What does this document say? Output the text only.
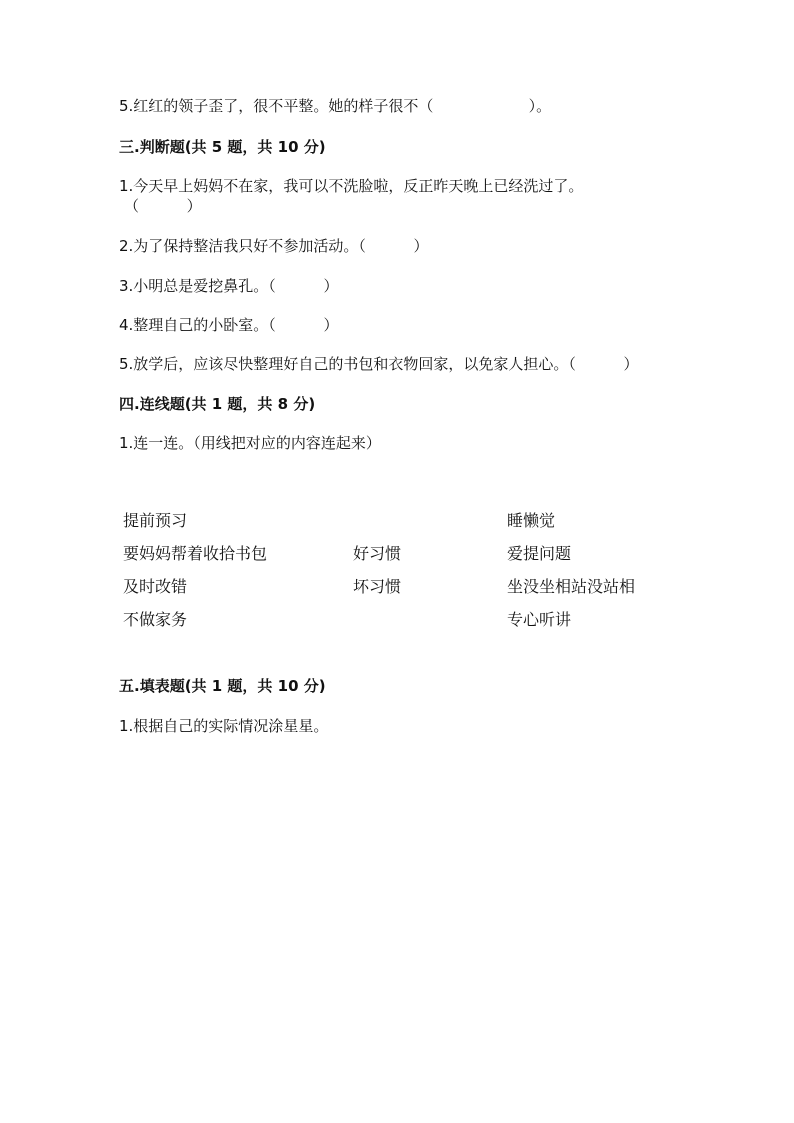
5.红红的领子歪了，很不平整。她的样子很不（                    ）。
三.判断题(共 5 题，共 10 分)
1.今天早上妈妈不在家，我可以不洗脸啦，反正昨天晚上已经洗过了。
（          ）
2.为了保持整洁我只好不参加活动。（          ）
3.小明总是爱挖鼻孔。（          ）
4.整理自己的小卧室。（          ）
5.放学后，应该尽快整理好自己的书包和衣物回家，以免家人担心。（          ）
四.连线题(共 1 题，共 8 分)
1.连一连。（用线把对应的内容连起来）
提前预习
要妈妈帮着收拾书包
及时改错
不做家务
好习惯
坏习惯
睡懒觉
爱提问题
坐没坐相站没站相
专心听讲
五.填表题(共 1 题，共 10 分)
1.根据自己的实际情况涂星星。
